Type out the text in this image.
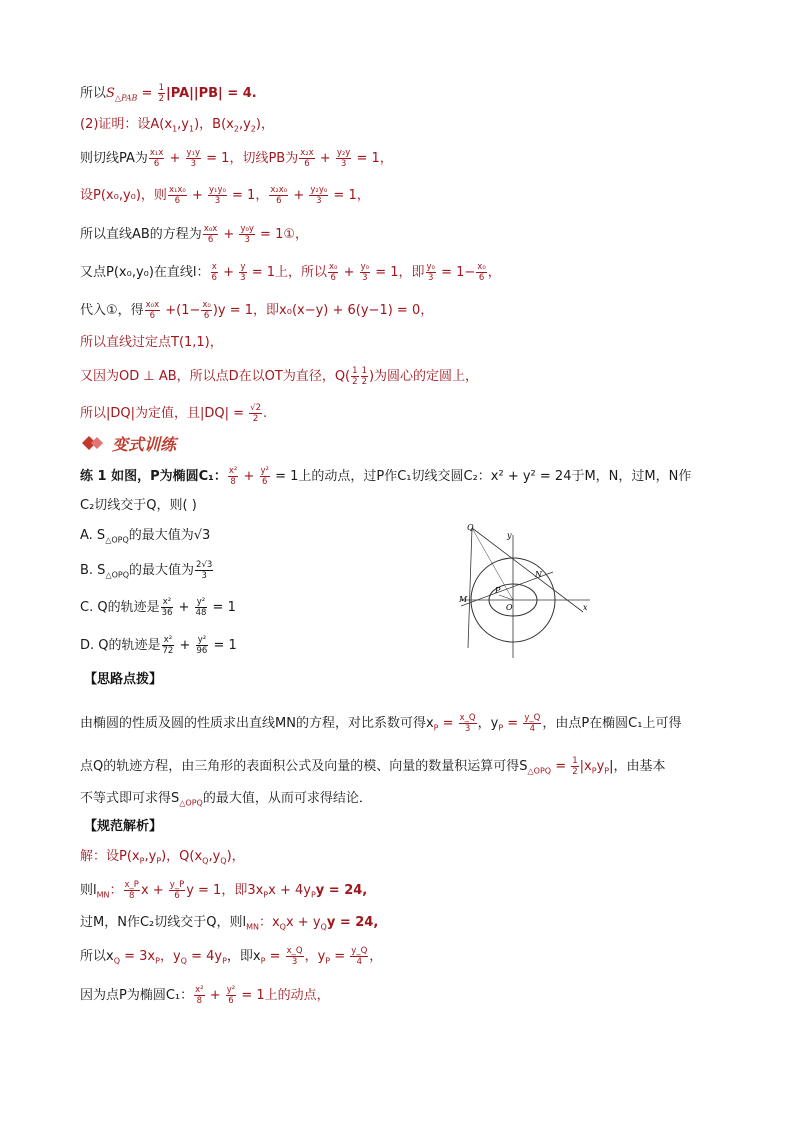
所以$S_{\triangle PAB} = \frac{1}{2} |PA||PB| = 4$.
(2)证明：设$A(x_1,y_1)$，$B(x_2,y_2)$，
则切线PA为 $\frac{\text{x₁x}}{6} + \frac{\text{y₁y}}{3} = 1$，切线PB为 $\frac{\text{x₂x}}{6} + \frac{\text{y₂y}}{3} = 1$，
设P(x₀,y₀)，则 $\frac{\text{x₁x₀}}{6} + \frac{\text{y₁y₀}}{3} = 1$， $\frac{\text{x₂x₀}}{6} + \frac{\text{y₂y₀}}{3} = 1$，
所以直线AB的方程为 $\frac{\text{x₀x}}{6} + \frac{\text{y₀y}}{3}$ = 1①，
又点P(x₀,y₀)在直线l： $\frac{x}{6} + \frac{y}{3} = 1$上，所以 $\frac{\text{x₀}}{6} + \frac{\text{y₀}}{3} = 1$，即 $\frac{\text{y₀}}{3} = 1- \frac{\text{x₀}}{6}$ ，
代入①，得 $\frac{\text{x₀x}}{6} +(1- \frac{\text{x₀}}{6} )y = 1$，即x₀(x−y) + 6(y−1) = 0，
所以直线过定点T(1,1)，
又因为OD ⊥ AB，所以点D在以OT为直径，$Q( \frac{1}{2} \frac{1}{2}$ )为圆心的定圆上，
所以|DQ|为定值，且$|DQ| = \frac{√2}{2}$ .
变式训练
练 1 如图，P为椭圆C₁： $\frac{\text{x²}}{8} + \frac{\text{y²}}{6} = 1$上的动点，过P作C₁切线交圆C₂：x² + y² = 24于M，N，过M，N作
C₂切线交于Q，则( )
A. $S_{\triangle OPQ}$的最大值为√3
B. $S_{\triangle OPQ}$的最大值为 $\frac{2√3}{3}$
C. Q的轨迹是 $\frac{\text{x²}}{36} + \frac{\text{y²}}{48} = 1$
D. Q的轨迹是 $\frac{\text{x²}}{72} + \frac{\text{y²}}{96} = 1$
Q
y
N
M
P
O	x
【思路点拨】
由椭圆的性质及圆的性质求出直线MN的方程，对比系数可得$x_P = \frac{x\_Q}{3}$ ，$y_P = \frac{y\_Q}{4}$ ，由点P在椭圆C₁上可得
点Q的轨迹方程，由三角形的表面积公式及向量的模、向量的数量积运算可得$S_{\triangle OPQ} = \frac{1}{2} |x_Py_P|$，由基本
不等式即可求得$S_{\triangle OPQ}$的最大值，从而可求得结论．
【规范解析】
解：设$P(x_P,y_P)$，$Q(x_Q,y_Q)$，
则$l_{MN}$： $\frac{x\_P}{8}$ $x + \frac{y\_P}{6}$ y = 1，即$3x_Px + 4y_Py = 24$,
过M，N作C₂切线交于Q，则$l_{MN}$：$x_Qx + y_Qy = 24$,
所以$x_Q = 3x_P$，$y_Q = 4y_P$，即$x_P = \frac{x\_Q}{3}$ ，$y_P = \frac{y\_Q}{4}$ ，
因为点P为椭圆C₁： $\frac{\text{x²}}{8} + \frac{\text{y²}}{6} = 1$上的动点，
